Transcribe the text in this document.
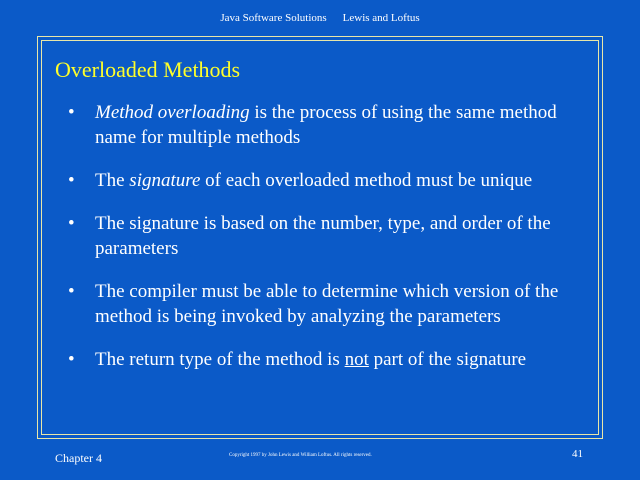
Java Software Solutions Lewis and Loftus
Overloaded Methods
• Method overloading is the process of using the same method name for multiple methods
• The signature of each overloaded method must be unique
• The signature is based on the number, type, and order of the parameters
• The compiler must be able to determine which version of the method is being invoked by analyzing the parameters
• The return type of the method is not part of the signature
Chapter 4	Copyright 1997 by John Lewis and William Loftus. All rights reserved.	41
